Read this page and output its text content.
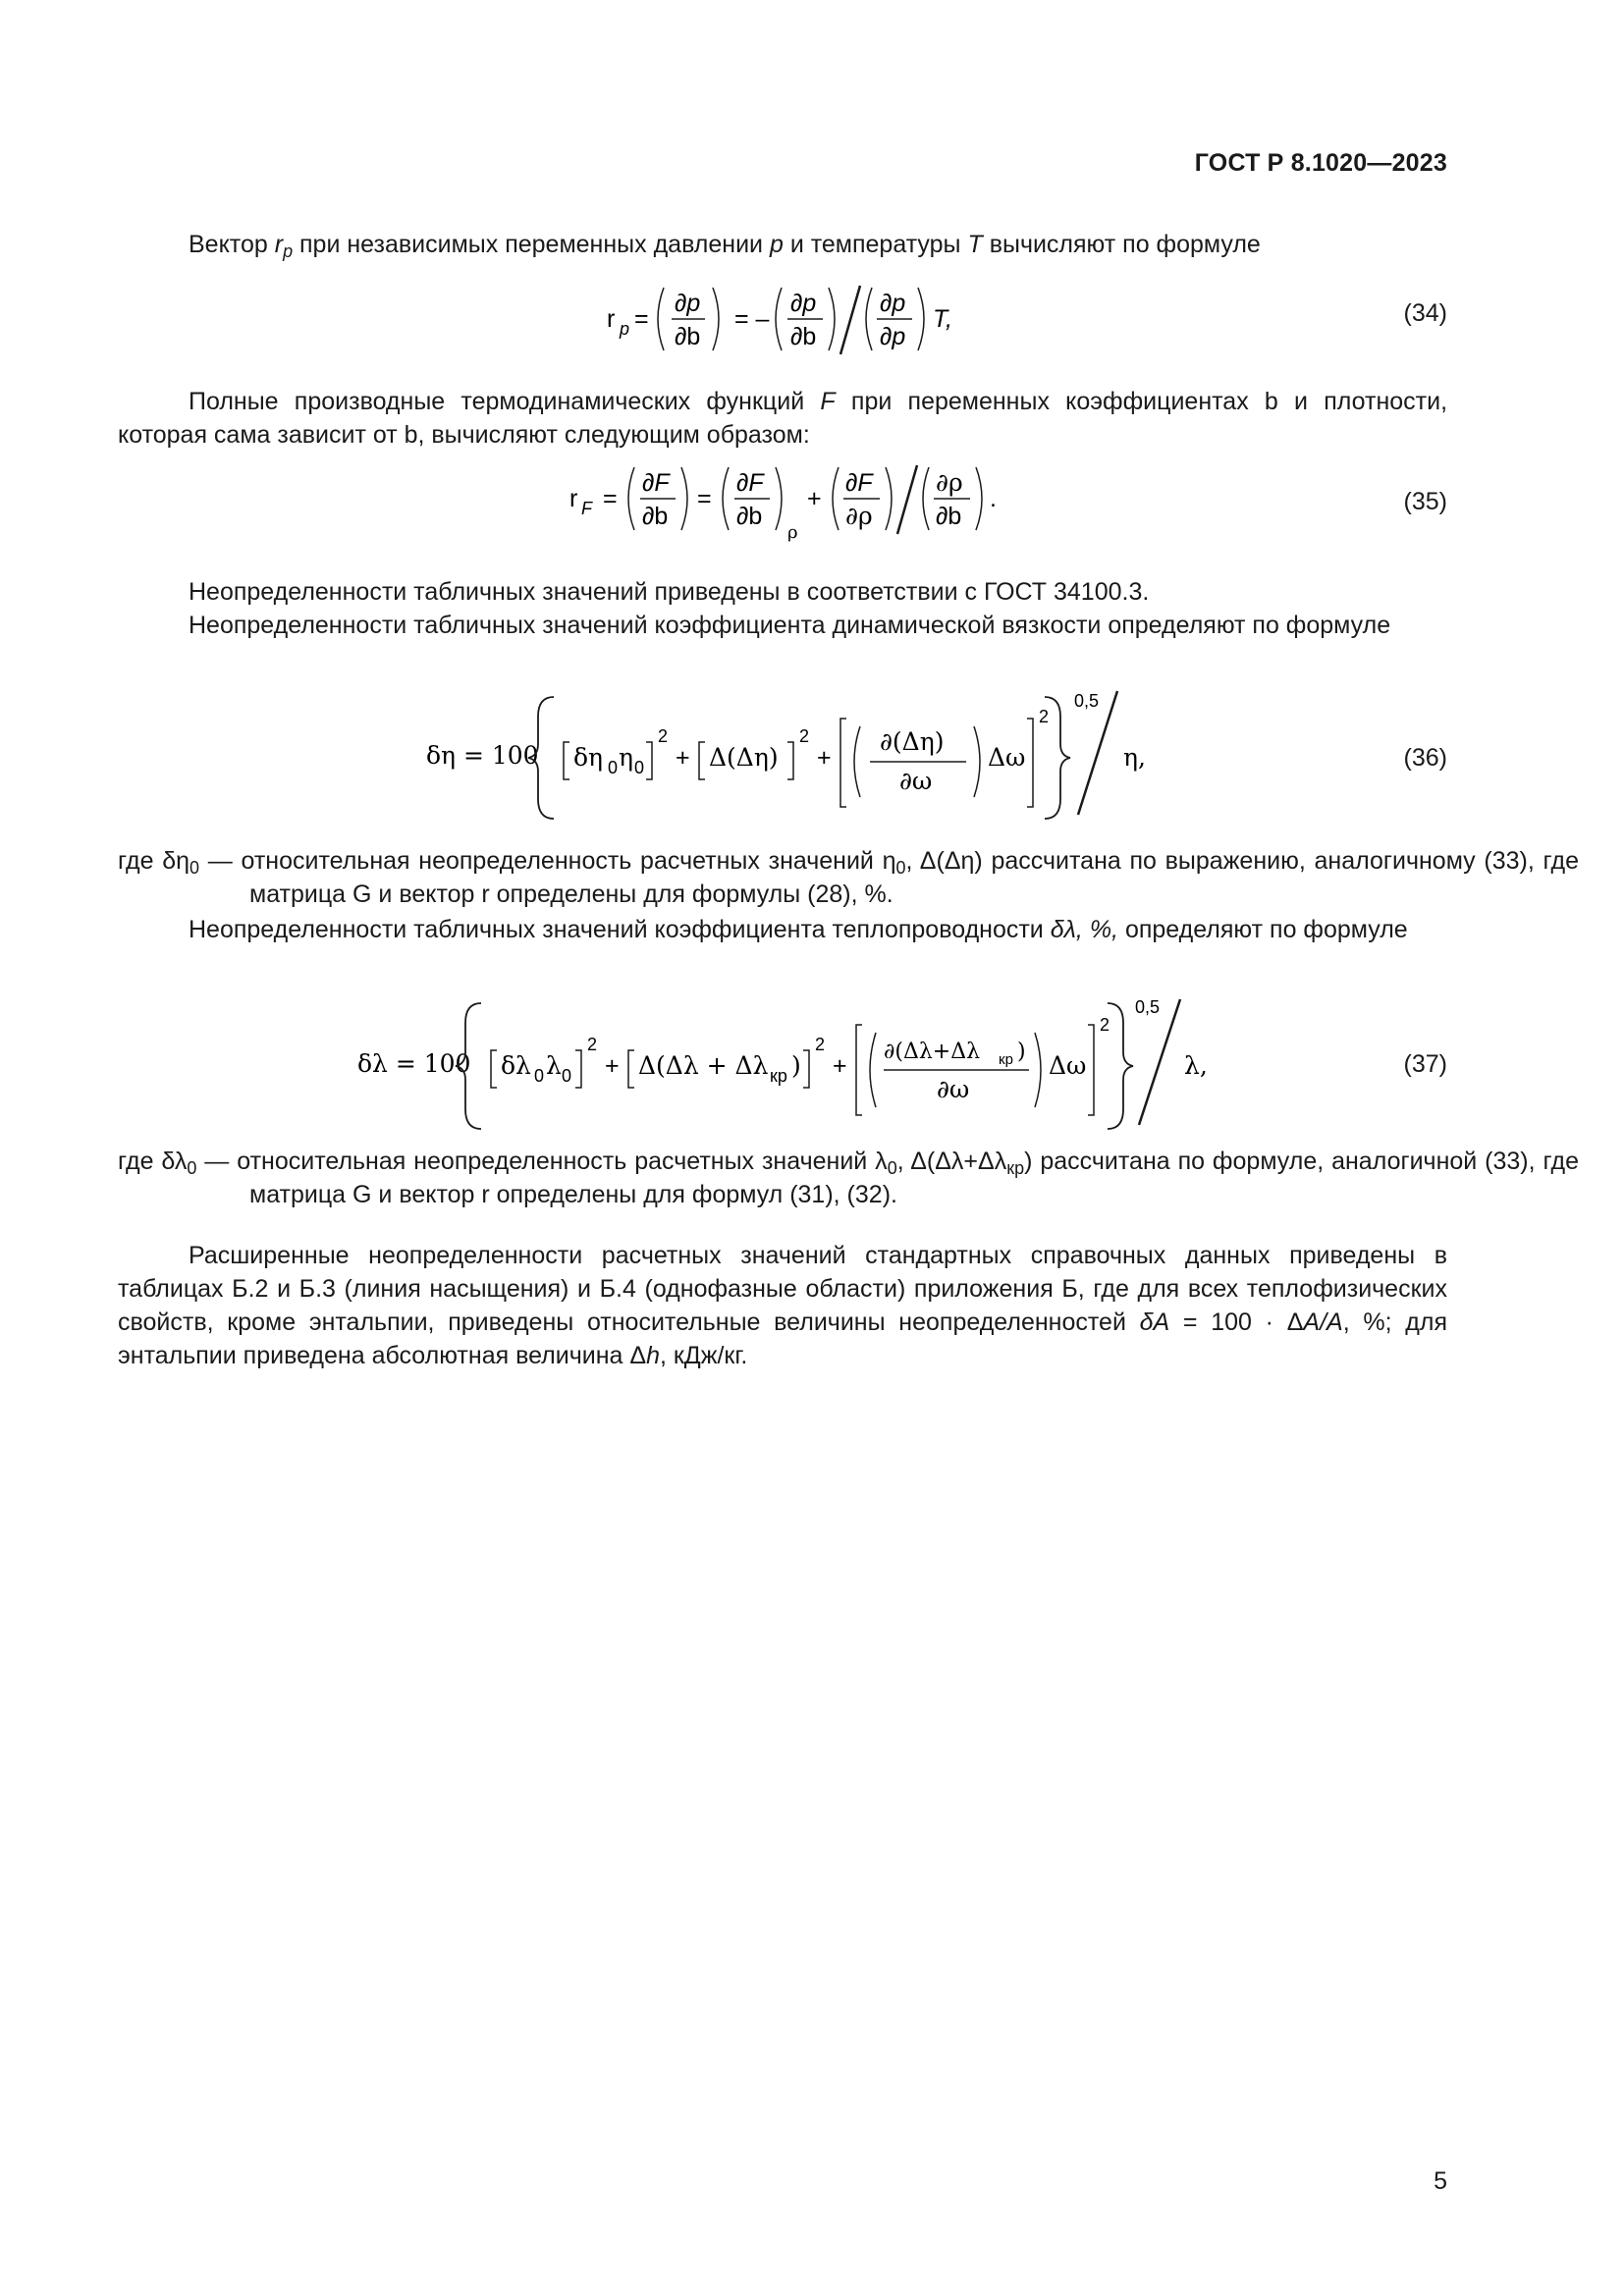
ГОСТ Р 8.1020—2023
Вектор $r_p$ при независимых переменных давлении p и температуры T вычисляют по формуле
r p =
∂p
∂b
= –
∂p
∂b
∂p
∂p
T,	(34)
Полные производные термодинамических функций F при переменных коэффициентах b и плотности, которая сама зависит от b, вычисляют следующим образом:
r F =
∂F
∂b
=
∂F
∂b
ρ
+
∂F
∂ρ
∂ρ
∂b
.	(35)
Неопределенности табличных значений приведены в соответствии с ГОСТ 34100.3.
Неопределенности табличных значений коэффициента динамической вязкости определяют по формуле
δη = 100 δη 0 η 0
2
+ Δ(Δη)
2
+
∂(Δη)
∂ω
Δω
2
0,5
η,	(36)
где $\delta\eta_0$ — относительная неопределенность расчетных значений $\eta_0$, Δ(Δη) рассчитана по выражению, аналогичному (33), где матрица G и вектор r определены для формулы (28), %.
Неопределенности табличных значений коэффициента теплопроводности δλ, %, определяют по формуле
δλ = 100 δλ 0 λ 0
2
+ Δ(Δλ + Δλ кр )
2
+
∂(Δλ+Δλ кр )
∂ω
Δω
2
0,5
λ,	(37)
где $\delta\lambda_0$ — относительная неопределенность расчетных значений $\lambda_0$, $\Delta(\Delta\lambda+\Delta\lambda_{кр})$ рассчитана по формуле, аналогичной (33), где матрица G и вектор r определены для формул (31), (32).
Расширенные неопределенности расчетных значений стандартных справочных данных приведены в таблицах Б.2 и Б.3 (линия насыщения) и Б.4 (однофазные области) приложения Б, где для всех теплофизических свойств, кроме энтальпии, приведены относительные величины неопределенностей δA = 100 · ΔA/A, %; для энтальпии приведена абсолютная величина Δh, кДж/кг.
5
